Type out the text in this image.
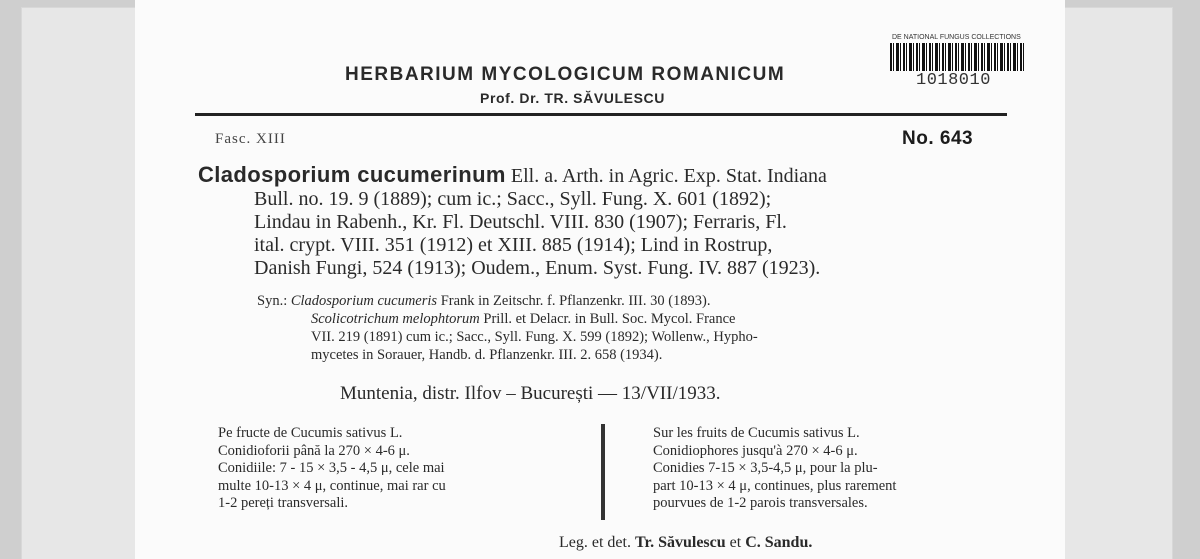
HERBARIUM MYCOLOGICUM ROMANICUM
Prof. Dr. TR. SĂVULESCU
DE NATIONAL FUNGUS COLLECTIONS
1018010
Fasc. XIII	No. 643
Cladosporium cucumerinum Ell. a. Arth. in Agric. Exp. Stat. Indiana
Bull. no. 19. 9 (1889); cum ic.; Sacc., Syll. Fung. X. 601 (1892);
Lindau in Rabenh., Kr. Fl. Deutschl. VIII. 830 (1907); Ferraris, Fl.
ital. crypt. VIII. 351 (1912) et XIII. 885 (1914); Lind in Rostrup,
Danish Fungi, 524 (1913); Oudem., Enum. Syst. Fung. IV. 887 (1923).
Syn.: Cladosporium cucumeris Frank in Zeitschr. f. Pflanzenkr. III. 30 (1893).
Scolicotrichum melophtorum Prill. et Delacr. in Bull. Soc. Mycol. France
VII. 219 (1891) cum ic.; Sacc., Syll. Fung. X. 599 (1892); Wollenw., Hypho-
mycetes in Sorauer, Handb. d. Pflanzenkr. III. 2. 658 (1934).
Muntenia, distr. Ilfov – București — 13/VII/1933.
Pe fructe de Cucumis sativus L.
Conidioforii până la 270 × 4-6 μ.
Conidiile: 7 - 15 × 3,5 - 4,5 μ, cele mai
multe 10-13 × 4 μ, continue, mai rar cu
1-2 pereți transversali.
Sur les fruits de Cucumis sativus L.
Conidiophores jusqu'à 270 × 4-6 μ.
Conidies 7-15 × 3,5-4,5 μ, pour la plu-
part 10-13 × 4 μ, continues, plus rarement
pourvues de 1-2 parois transversales.
Leg. et det. Tr. Săvulescu et C. Sandu.
